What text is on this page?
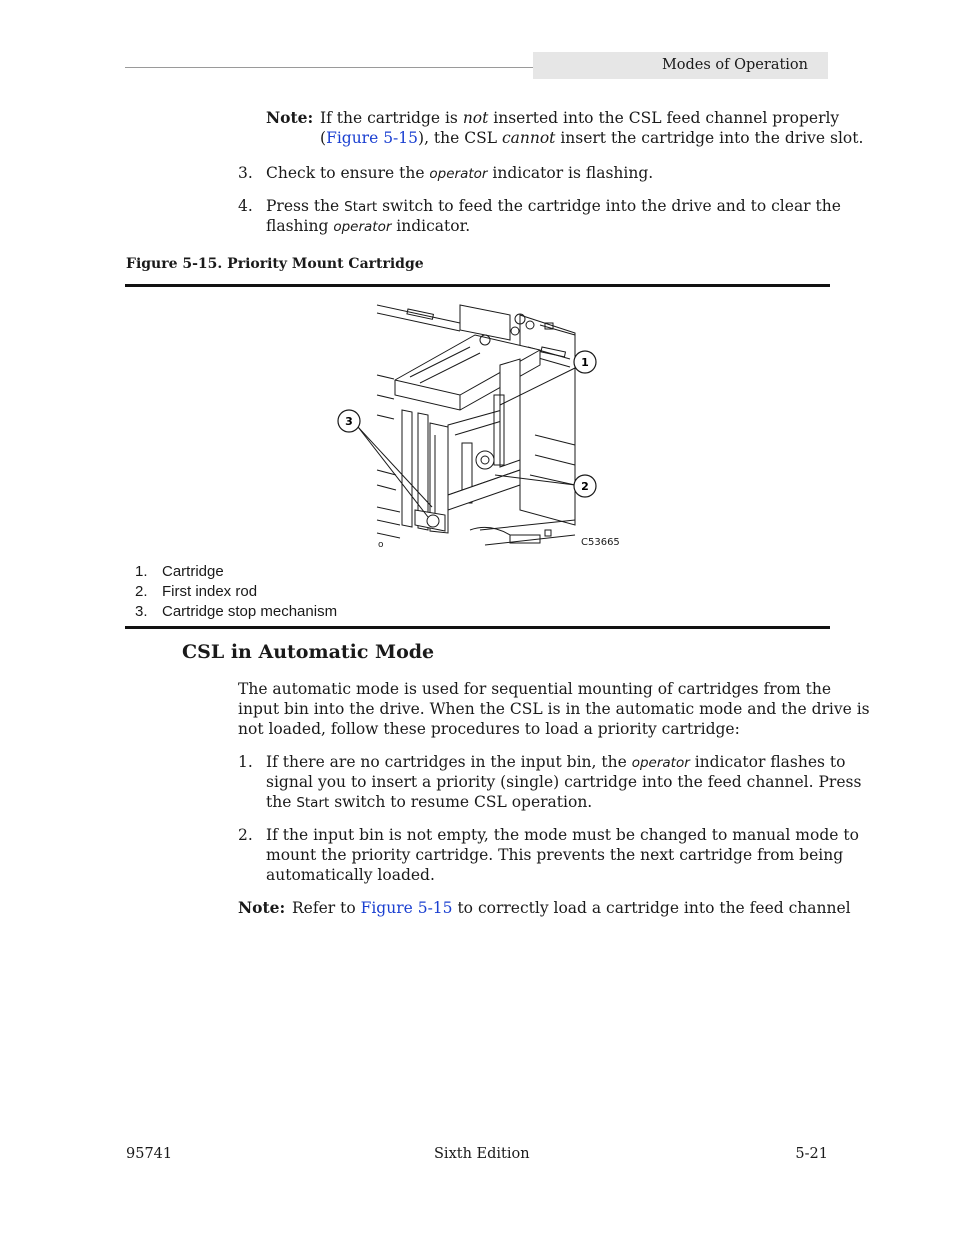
Modes of Operation
Note: If the cartridge is not inserted into the CSL feed channel properly
(Figure 5-15), the CSL cannot insert the cartridge into the drive slot.
3. Check to ensure the operator indicator is flashing.
4. Press the Start switch to feed the cartridge into the drive and to clear the
flashing operator indicator.
Figure 5-15. Priority Mount Cartridge
o
1
2
3
C53665
1. Cartridge
2. First index rod
3. Cartridge stop mechanism
CSL in Automatic Mode
The automatic mode is used for sequential mounting of cartridges from the
input bin into the drive. When the CSL is in the automatic mode and the drive is
not loaded, follow these procedures to load a priority cartridge:
1. If there are no cartridges in the input bin, the operator indicator flashes to
signal you to insert a priority (single) cartridge into the feed channel. Press
the Start switch to resume CSL operation.
2. If the input bin is not empty, the mode must be changed to manual mode to
mount the priority cartridge. This prevents the next cartridge from being
automatically loaded.
Note: Refer to Figure 5-15 to correctly load a cartridge into the feed channel
95741	Sixth Edition	5-21
